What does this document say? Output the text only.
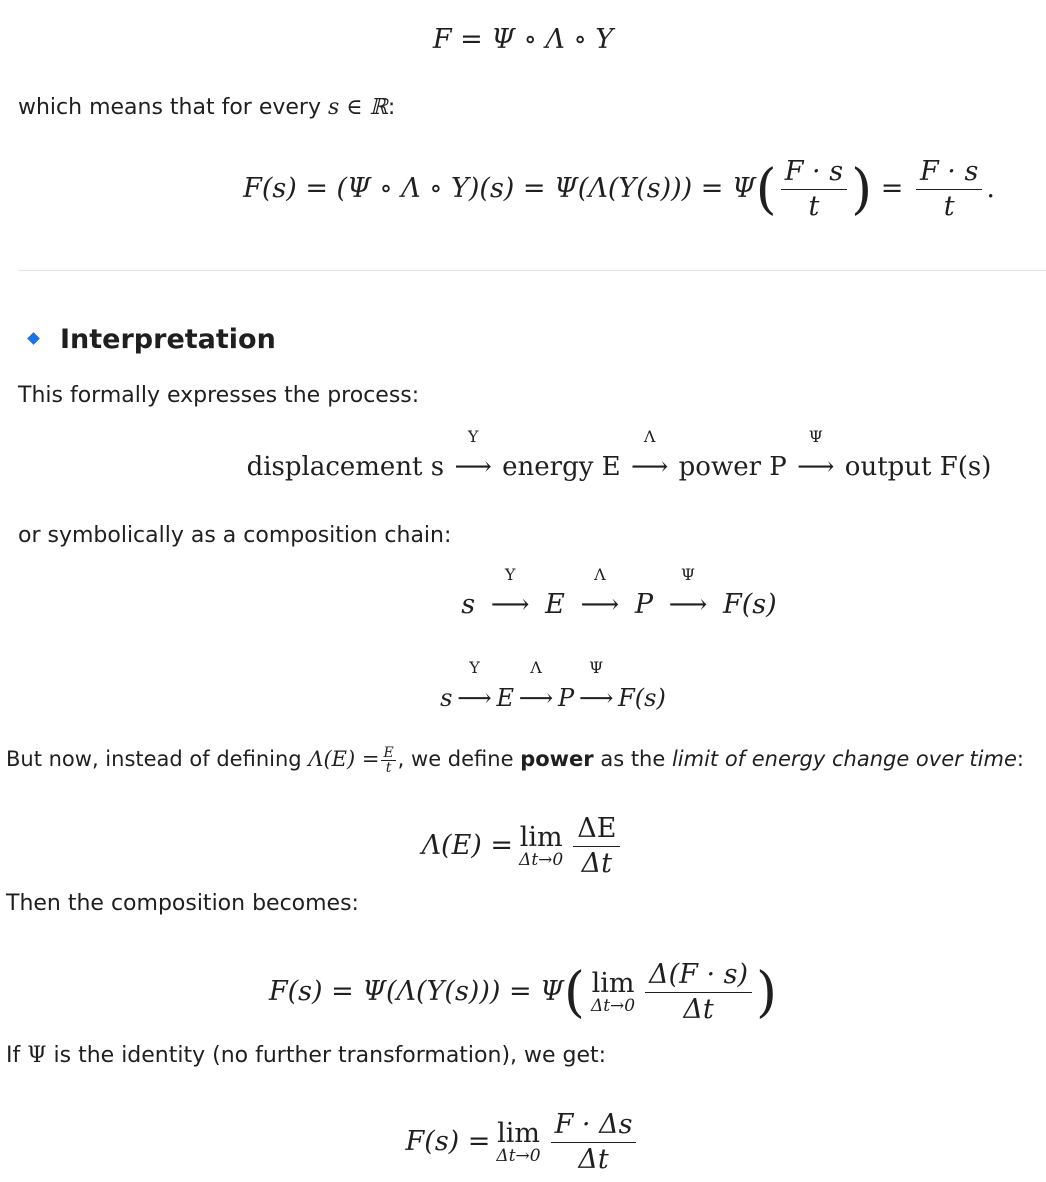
F = Ψ ∘ Λ ∘ Υ
which means that for every s ∈ ℝ:
F(s) = (Ψ ∘ Λ ∘ $\Upsilon)(s) = \Psi(\Lambda(\Upsilon(s))) = \Psi( \frac{F \cdot s}{t}$ ) = $\frac{F \cdot s}{t}$ .
Interpretation
This formally expresses the process:
displacement s
Υ
⟶ energy E
Λ
⟶ power P
Ψ
⟶ output F(s)
or symbolically as a composition chain:
s
Υ
⟶ E
Λ
⟶ P
Ψ
⟶ F(s)
s
Υ
⟶ E
Λ
⟶ P
Ψ
⟶ F(s)
But now, instead of defining $\Lambda(E) = \frac{E}{t}$ , we define power as the limit of energy change over time:
Λ(E) = lim
$\Delta t\to 0 \frac{\Delta E}{\Delta t}$
Then the composition becomes:
F(s) = Ψ(Λ(Υ(s))) = Ψ( lim
$\Delta t\to 0 \frac{\Delta(F \cdot s)}{\Delta t}$ )
If Ψ is the identity (no further transformation), we get:
F(s) = lim
$\Delta t\to 0 \frac{F \cdot \Delta s}{\Delta t}$
